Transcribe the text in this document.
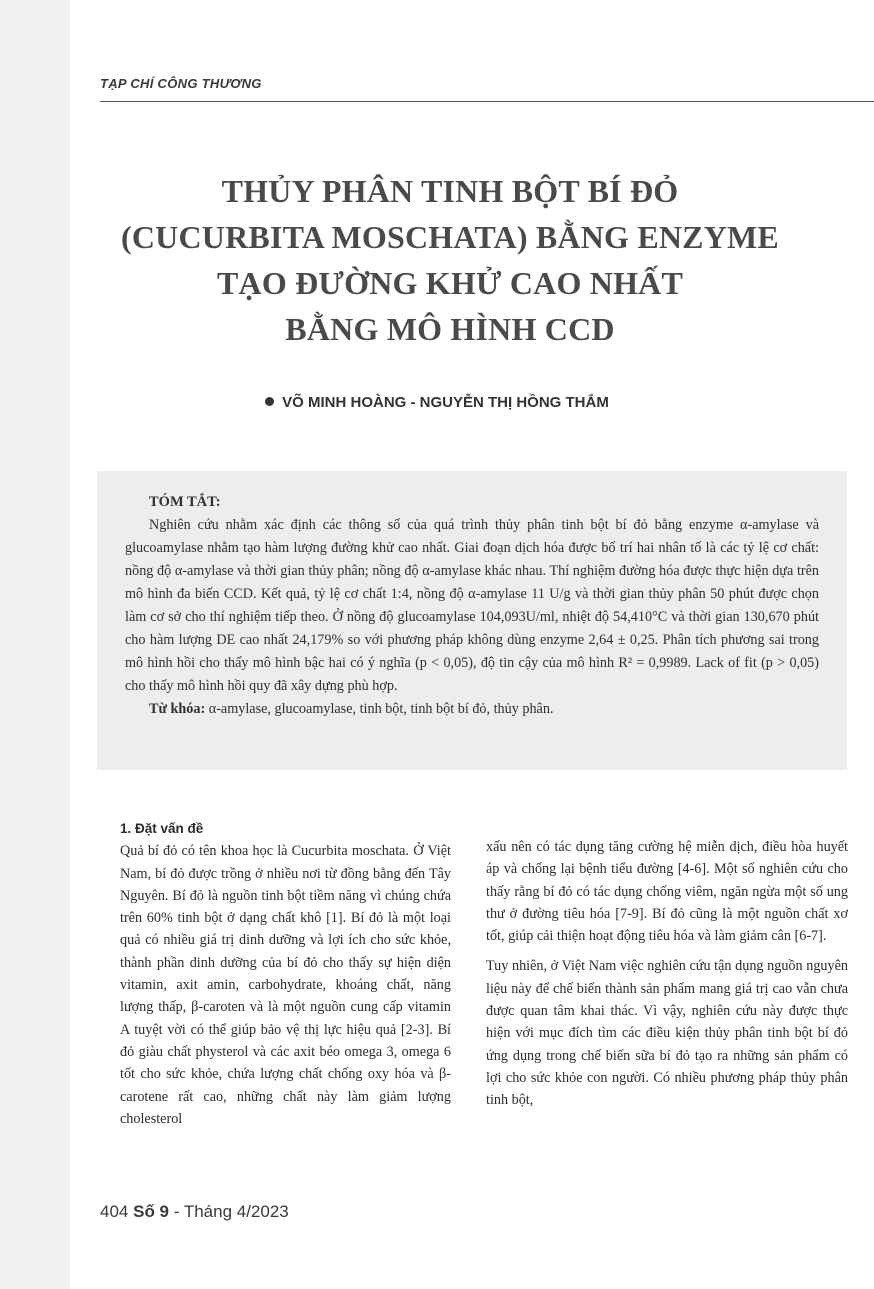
TẠP CHÍ CÔNG THƯƠNG
THỦY PHÂN TINH BỘT BÍ ĐỎ
(CUCURBITA MOSCHATA) BẰNG ENZYME
TẠO ĐƯỜNG KHỬ CAO NHẤT
BẰNG MÔ HÌNH CCD
VÕ MINH HOÀNG - NGUYỄN THỊ HỒNG THẮM
TÓM TẮT:

Nghiên cứu nhằm xác định các thông số của quá trình thủy phân tinh bột bí đỏ bằng enzyme α-amylase và glucoamylase nhằm tạo hàm lượng đường khử cao nhất. Giai đoạn dịch hóa được bố trí hai nhân tố là các tỷ lệ cơ chất: nồng độ α-amylase và thời gian thủy phân; nồng độ α-amylase khác nhau. Thí nghiệm đường hóa được thực hiện dựa trên mô hình đa biến CCD. Kết quả, tỷ lệ cơ chất 1:4, nồng độ α-amylase 11 U/g và thời gian thủy phân 50 phút được chọn làm cơ sở cho thí nghiệm tiếp theo. Ở nồng độ glucoamylase 104,093U/ml, nhiệt độ 54,410°C và thời gian 130,670 phút cho hàm lượng DE cao nhất 24,179% so với phương pháp không dùng enzyme 2,64 ± 0,25. Phân tích phương sai trong mô hình hồi cho thấy mô hình bậc hai có ý nghĩa (p < 0,05), độ tin cậy của mô hình R² = 0,9989. Lack of fit (p > 0,05) cho thấy mô hình hồi quy đã xây dựng phù hợp.

Từ khóa: α-amylase, glucoamylase, tinh bột, tinh bột bí đỏ, thủy phân.

1. Đặt vấn đề

Quả bí đỏ có tên khoa học là Cucurbita moschata. Ở Việt Nam, bí đỏ được trồng ở nhiều nơi từ đồng bằng đến Tây Nguyên. Bí đỏ là nguồn tinh bột tiềm năng vì chúng chứa trên 60% tinh bột ở dạng chất khô [1]. Bí đỏ là một loại quả có nhiều giá trị dinh dưỡng và lợi ích cho sức khỏe, thành phần dinh dưỡng của bí đỏ cho thấy sự hiện diện vitamin, axit amin, carbohydrate, khoáng chất, năng lượng thấp, β-caroten và là một nguồn cung cấp vitamin A tuyệt vời có thể giúp bảo vệ thị lực hiệu quả [2-3]. Bí đỏ giàu chất physterol và các axit béo omega 3, omega 6 tốt cho sức khỏe, chứa lượng chất chống oxy hóa và β-carotene rất cao, những chất này làm giảm lượng cholesterol

xấu nên có tác dụng tăng cường hệ miễn dịch, điều hòa huyết áp và chống lại bệnh tiểu đường [4-6]. Một số nghiên cứu cho thấy rằng bí đỏ có tác dụng chống viêm, ngăn ngừa một số ung thư ở đường tiêu hóa [7-9]. Bí đỏ cũng là một nguồn chất xơ tốt, giúp cải thiện hoạt động tiêu hóa và làm giảm cân [6-7].

Tuy nhiên, ở Việt Nam việc nghiên cứu tận dụng nguồn nguyên liệu này để chế biến thành sản phẩm mang giá trị cao vẫn chưa được quan tâm khai thác. Vì vậy, nghiên cứu này được thực hiện với mục đích tìm các điều kiện thủy phân tinh bột bí đỏ ứng dụng trong chế biến sữa bí đỏ tạo ra những sản phẩm có lợi cho sức khỏe con người. Có nhiều phương pháp thủy phân tinh bột,

404 Số 9 - Tháng 4/2023
